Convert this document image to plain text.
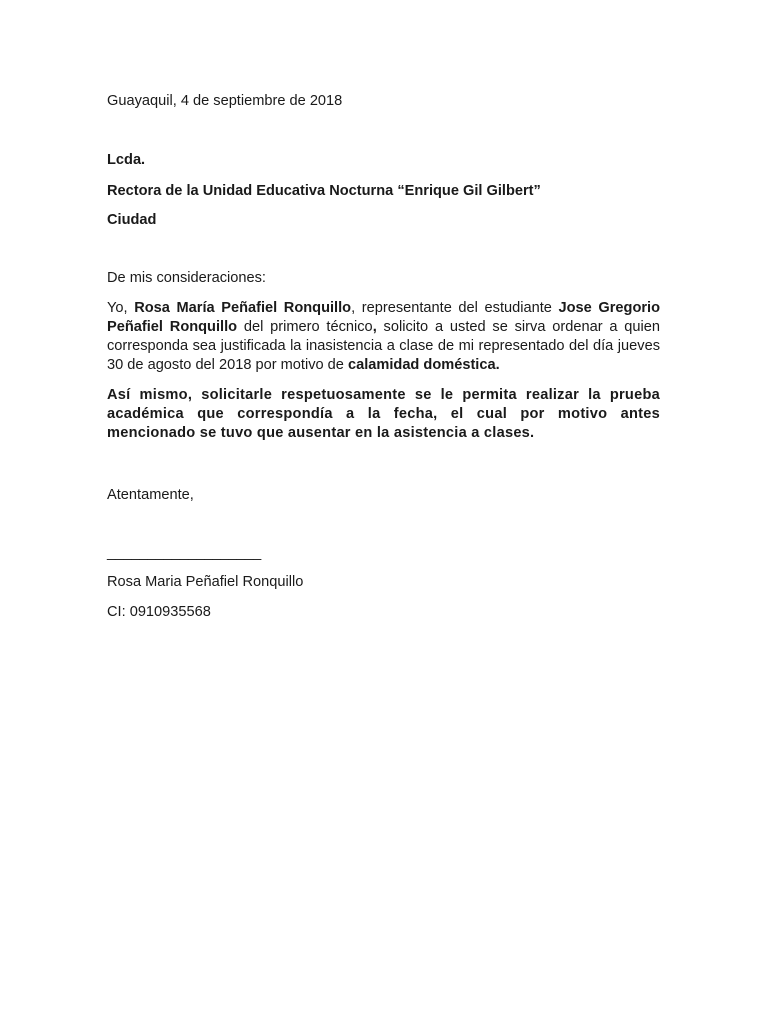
Guayaquil, 4 de septiembre de 2018
Lcda.
Rectora de la Unidad Educativa Nocturna “Enrique Gil Gilbert”
Ciudad
De mis consideraciones:
Yo, Rosa María Peñafiel Ronquillo, representante del estudiante Jose Gregorio Peñafiel Ronquillo del primero técnico, solicito a usted se sirva ordenar a quien corresponda sea justificada la inasistencia a clase de mi representado del día jueves 30 de agosto del 2018 por motivo de calamidad doméstica.
Así mismo, solicitarle respetuosamente se le permita realizar la prueba académica que correspondía a la fecha, el cual por motivo antes mencionado se tuvo que ausentar en la asistencia a clases.
Atentamente,
___________________
Rosa Maria Peñafiel Ronquillo
CI: 0910935568
